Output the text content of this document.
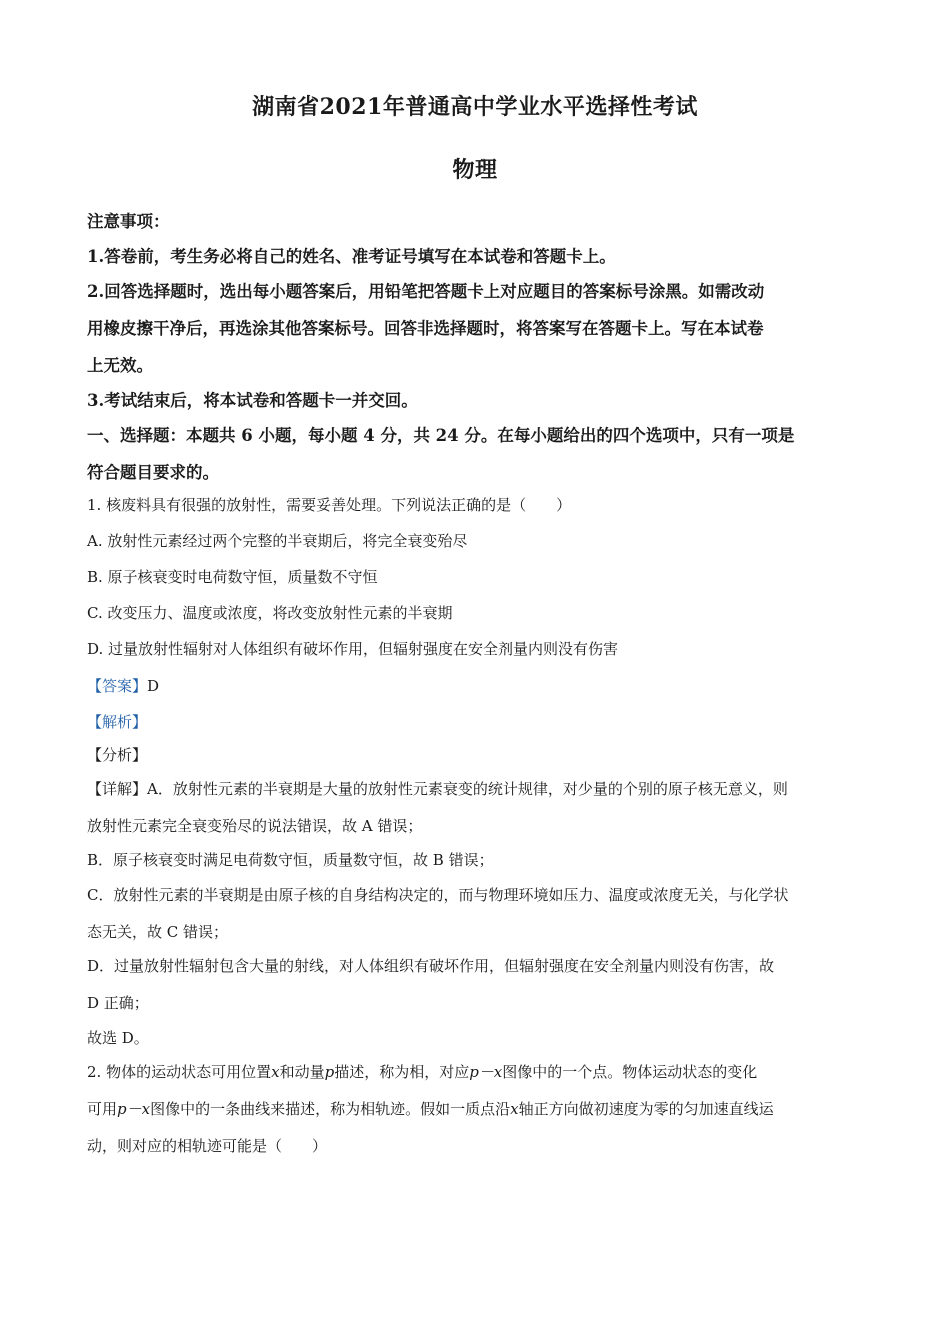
湖南省2021年普通高中学业水平选择性考试
物理
注意事项：
1.答卷前，考生务必将自己的姓名、准考证号填写在本试卷和答题卡上。
2.回答选择题时，选出每小题答案后，用铅笔把答题卡上对应题目的答案标号涂黑。如需改动
用橡皮擦干净后，再选涂其他答案标号。回答非选择题时，将答案写在答题卡上。写在本试卷
上无效。
3.考试结束后，将本试卷和答题卡一并交回。
一、选择题：本题共 6 小题，每小题 4 分，共 24 分。在每小题给出的四个选项中，只有一项是
符合题目要求的。
1. 核废料具有很强的放射性，需要妥善处理。下列说法正确的是（　　）
A. 放射性元素经过两个完整的半衰期后，将完全衰变殆尽
B. 原子核衰变时电荷数守恒，质量数不守恒
C. 改变压力、温度或浓度，将改变放射性元素的半衰期
D. 过量放射性辐射对人体组织有破坏作用，但辐射强度在安全剂量内则没有伤害
【答案】D
【解析】
【分析】
【详解】A．放射性元素的半衰期是大量的放射性元素衰变的统计规律，对少量的个别的原子核无意义，则
放射性元素完全衰变殆尽的说法错误，故 A 错误；
B．原子核衰变时满足电荷数守恒，质量数守恒，故 B 错误；
C．放射性元素的半衰期是由原子核的自身结构决定的，而与物理环境如压力、温度或浓度无关，与化学状
态无关，故 C 错误；
D．过量放射性辐射包含大量的射线，对人体组织有破坏作用，但辐射强度在安全剂量内则没有伤害，故
D 正确；
故选 D。
2. 物体的运动状态可用位置x和动量p描述，称为相，对应p－x图像中的一个点。物体运动状态的变化
可用p－x图像中的一条曲线来描述，称为相轨迹。假如一质点沿x轴正方向做初速度为零的匀加速直线运
动，则对应的相轨迹可能是（　　）
